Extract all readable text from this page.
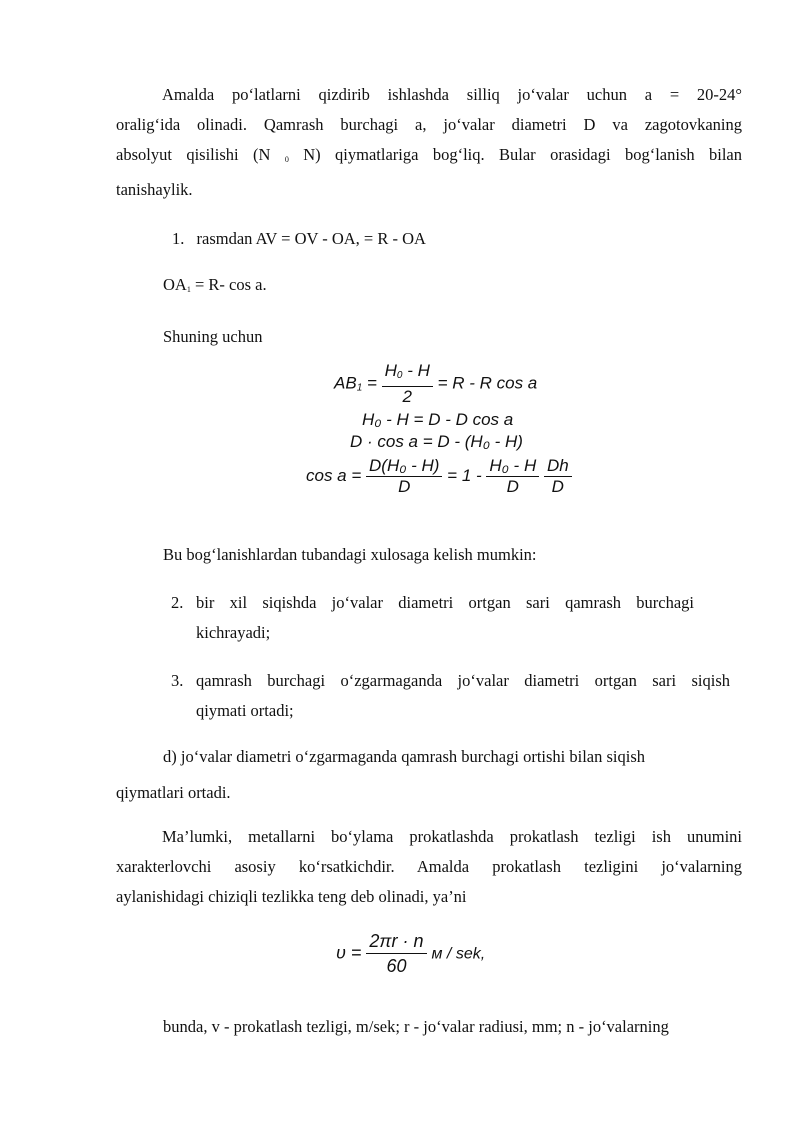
Amalda po‘latlarni qizdirib ishlashda silliq jo‘valar uchun a = 20-24°
oralig‘ida olinadi. Qamrash burchagi a, jo‘valar diametri D va zagotovkaning
absolyut qisilishi (N $_0$ N) qiymatlariga bog‘liq. Bular orasidagi bog‘lanish bilan
tanishaylik.
1. rasmdan AV = OV - OA, = R - OA
$OA_1 = R-$ cos a.
Shuning uchun
$AB_1 = \frac{H_0 - H}{2} = R - R$ cos a
H₀ - H = D - D cos a
D · cos a = D - (H₀ - H)
$\cos a = \frac{\text{D(H₀ - H)}}{D} = 1 - \frac{\text{H₀ - H}}{D}$
$\frac{Dh}{D}$
Bu bog‘lanishlardan tubandagi xulosaga kelish mumkin:
2. bir xil siqishda jo‘valar diametri ortgan sari qamrash burchagi
kichrayadi;
3. qamrash burchagi o‘zgarmaganda jo‘valar diametri ortgan sari siqish
qiymati ortadi;
d) jo‘valar diametri o‘zgarmaganda qamrash burchagi ortishi bilan siqish
qiymatlari ortadi.
Ma’lumki, metallarni bo‘ylama prokatlashda prokatlash tezligi ish unumini
xarakterlovchi asosiy ko‘rsatkichdir. Amalda prokatlash tezligini jo‘valarning
aylanishidagi chiziqli tezlikka teng deb olinadi, ya’ni
$\upsilon = \frac{2\pi r \cdot n}{60}$ м / sek,
bunda, v - prokatlash tezligi, m/sek; r - jo‘valar radiusi, mm; n - jo‘valarning
